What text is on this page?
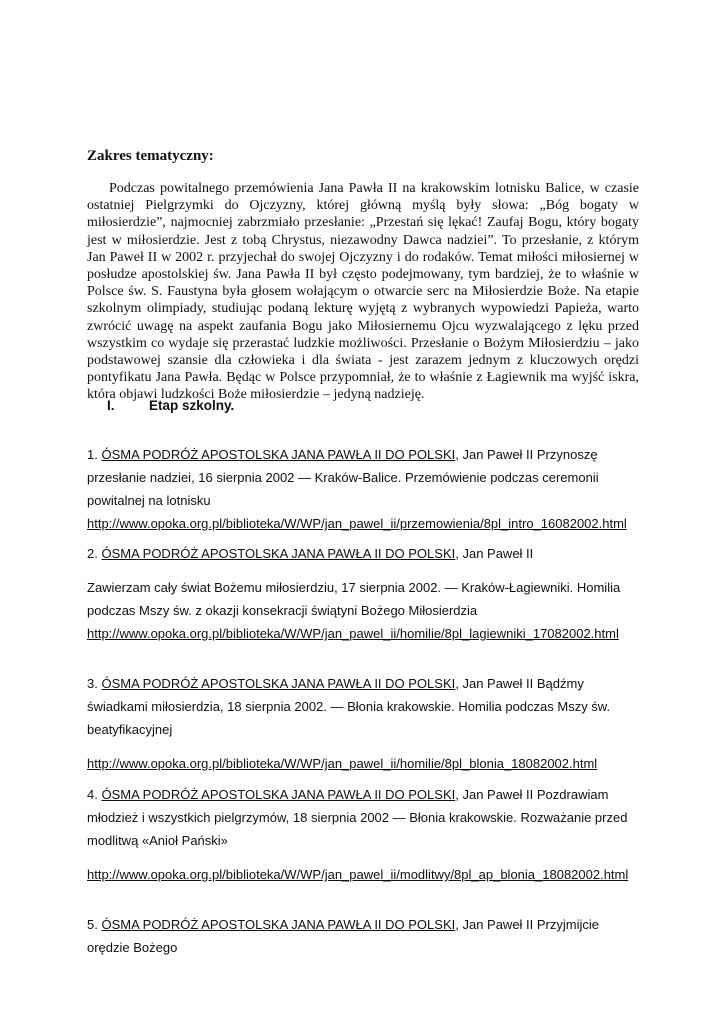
Zakres tematyczny:

Podczas powitalnego przemówienia Jana Pawła II na krakowskim lotnisku Balice, w czasie ostatniej Pielgrzymki do Ojczyzny, której główną myślą były słowa: „Bóg bogaty w miłosierdzie”, najmocniej zabrzmiało przesłanie: „Przestań się lękać! Zaufaj Bogu, który bogaty jest w miłosierdzie. Jest z tobą Chrystus, niezawodny Dawca nadziei”. To przesłanie, z którym Jan Paweł II w 2002 r. przyjechał do swojej Ojczyzny i do rodaków. Temat miłości miłosiernej w posłudze apostolskiej św. Jana Pawła II był często podejmowany, tym bardziej, że to właśnie w Polsce św. S. Faustyna była głosem wołającym o otwarcie serc na Miłosierdzie Boże. Na etapie szkolnym olimpiady, studiując podaną lekturę wyjętą z wybranych wypowiedzi Papieża, warto zwrócić uwagę na aspekt zaufania Bogu jako Miłosiernemu Ojcu wyzwalającego z lęku przed wszystkim co wydaje się przerastać ludzkie możliwości. Przesłanie o Bożym Miłosierdziu – jako podstawowej szansie dla człowieka i dla świata - jest zarazem jednym z kluczowych orędzi pontyfikatu Jana Pawła. Będąc w Polsce przypomniał, że to właśnie z Łagiewnik ma wyjść iskra, która objawi ludzkości Boże miłosierdzie – jedyną nadzieję.

I.	Etap szkolny.

1. ÓSMA PODRÓŻ APOSTOLSKA JANA PAWŁA II DO POLSKI, Jan Paweł II Przynoszę przesłanie nadziei, 16 sierpnia 2002 — Kraków-Balice. Przemówienie podczas ceremonii powitalnej na lotnisku

http://www.opoka.org.pl/biblioteka/W/WP/jan_pawel_ii/przemowienia/8pl_intro_16082002.html

2. ÓSMA PODRÓŻ APOSTOLSKA JANA PAWŁA II DO POLSKI, Jan Paweł II

Zawierzam cały świat Bożemu miłosierdziu, 17 sierpnia 2002. — Kraków-Łagiewniki. Homilia podczas Mszy św. z okazji konsekracji świątyni Bożego Miłosierdzia

http://www.opoka.org.pl/biblioteka/W/WP/jan_pawel_ii/homilie/8pl_lagiewniki_17082002.html

3. ÓSMA PODRÓŻ APOSTOLSKA JANA PAWŁA II DO POLSKI, Jan Paweł II Bądźmy świadkami miłosierdzia, 18 sierpnia 2002. — Błonia krakowskie. Homilia podczas Mszy św. beatyfikacyjnej

http://www.opoka.org.pl/biblioteka/W/WP/jan_pawel_ii/homilie/8pl_blonia_18082002.html

4. ÓSMA PODRÓŻ APOSTOLSKA JANA PAWŁA II DO POLSKI, Jan Paweł II Pozdrawiam młodzież i wszystkich pielgrzymów, 18 sierpnia 2002 — Błonia krakowskie. Rozważanie przed modlitwą «Anioł Pański»

http://www.opoka.org.pl/biblioteka/W/WP/jan_pawel_ii/modlitwy/8pl_ap_blonia_18082002.html

5. ÓSMA PODRÓŻ APOSTOLSKA JANA PAWŁA II DO POLSKI, Jan Paweł II Przyjmijcie orędzie Bożego
